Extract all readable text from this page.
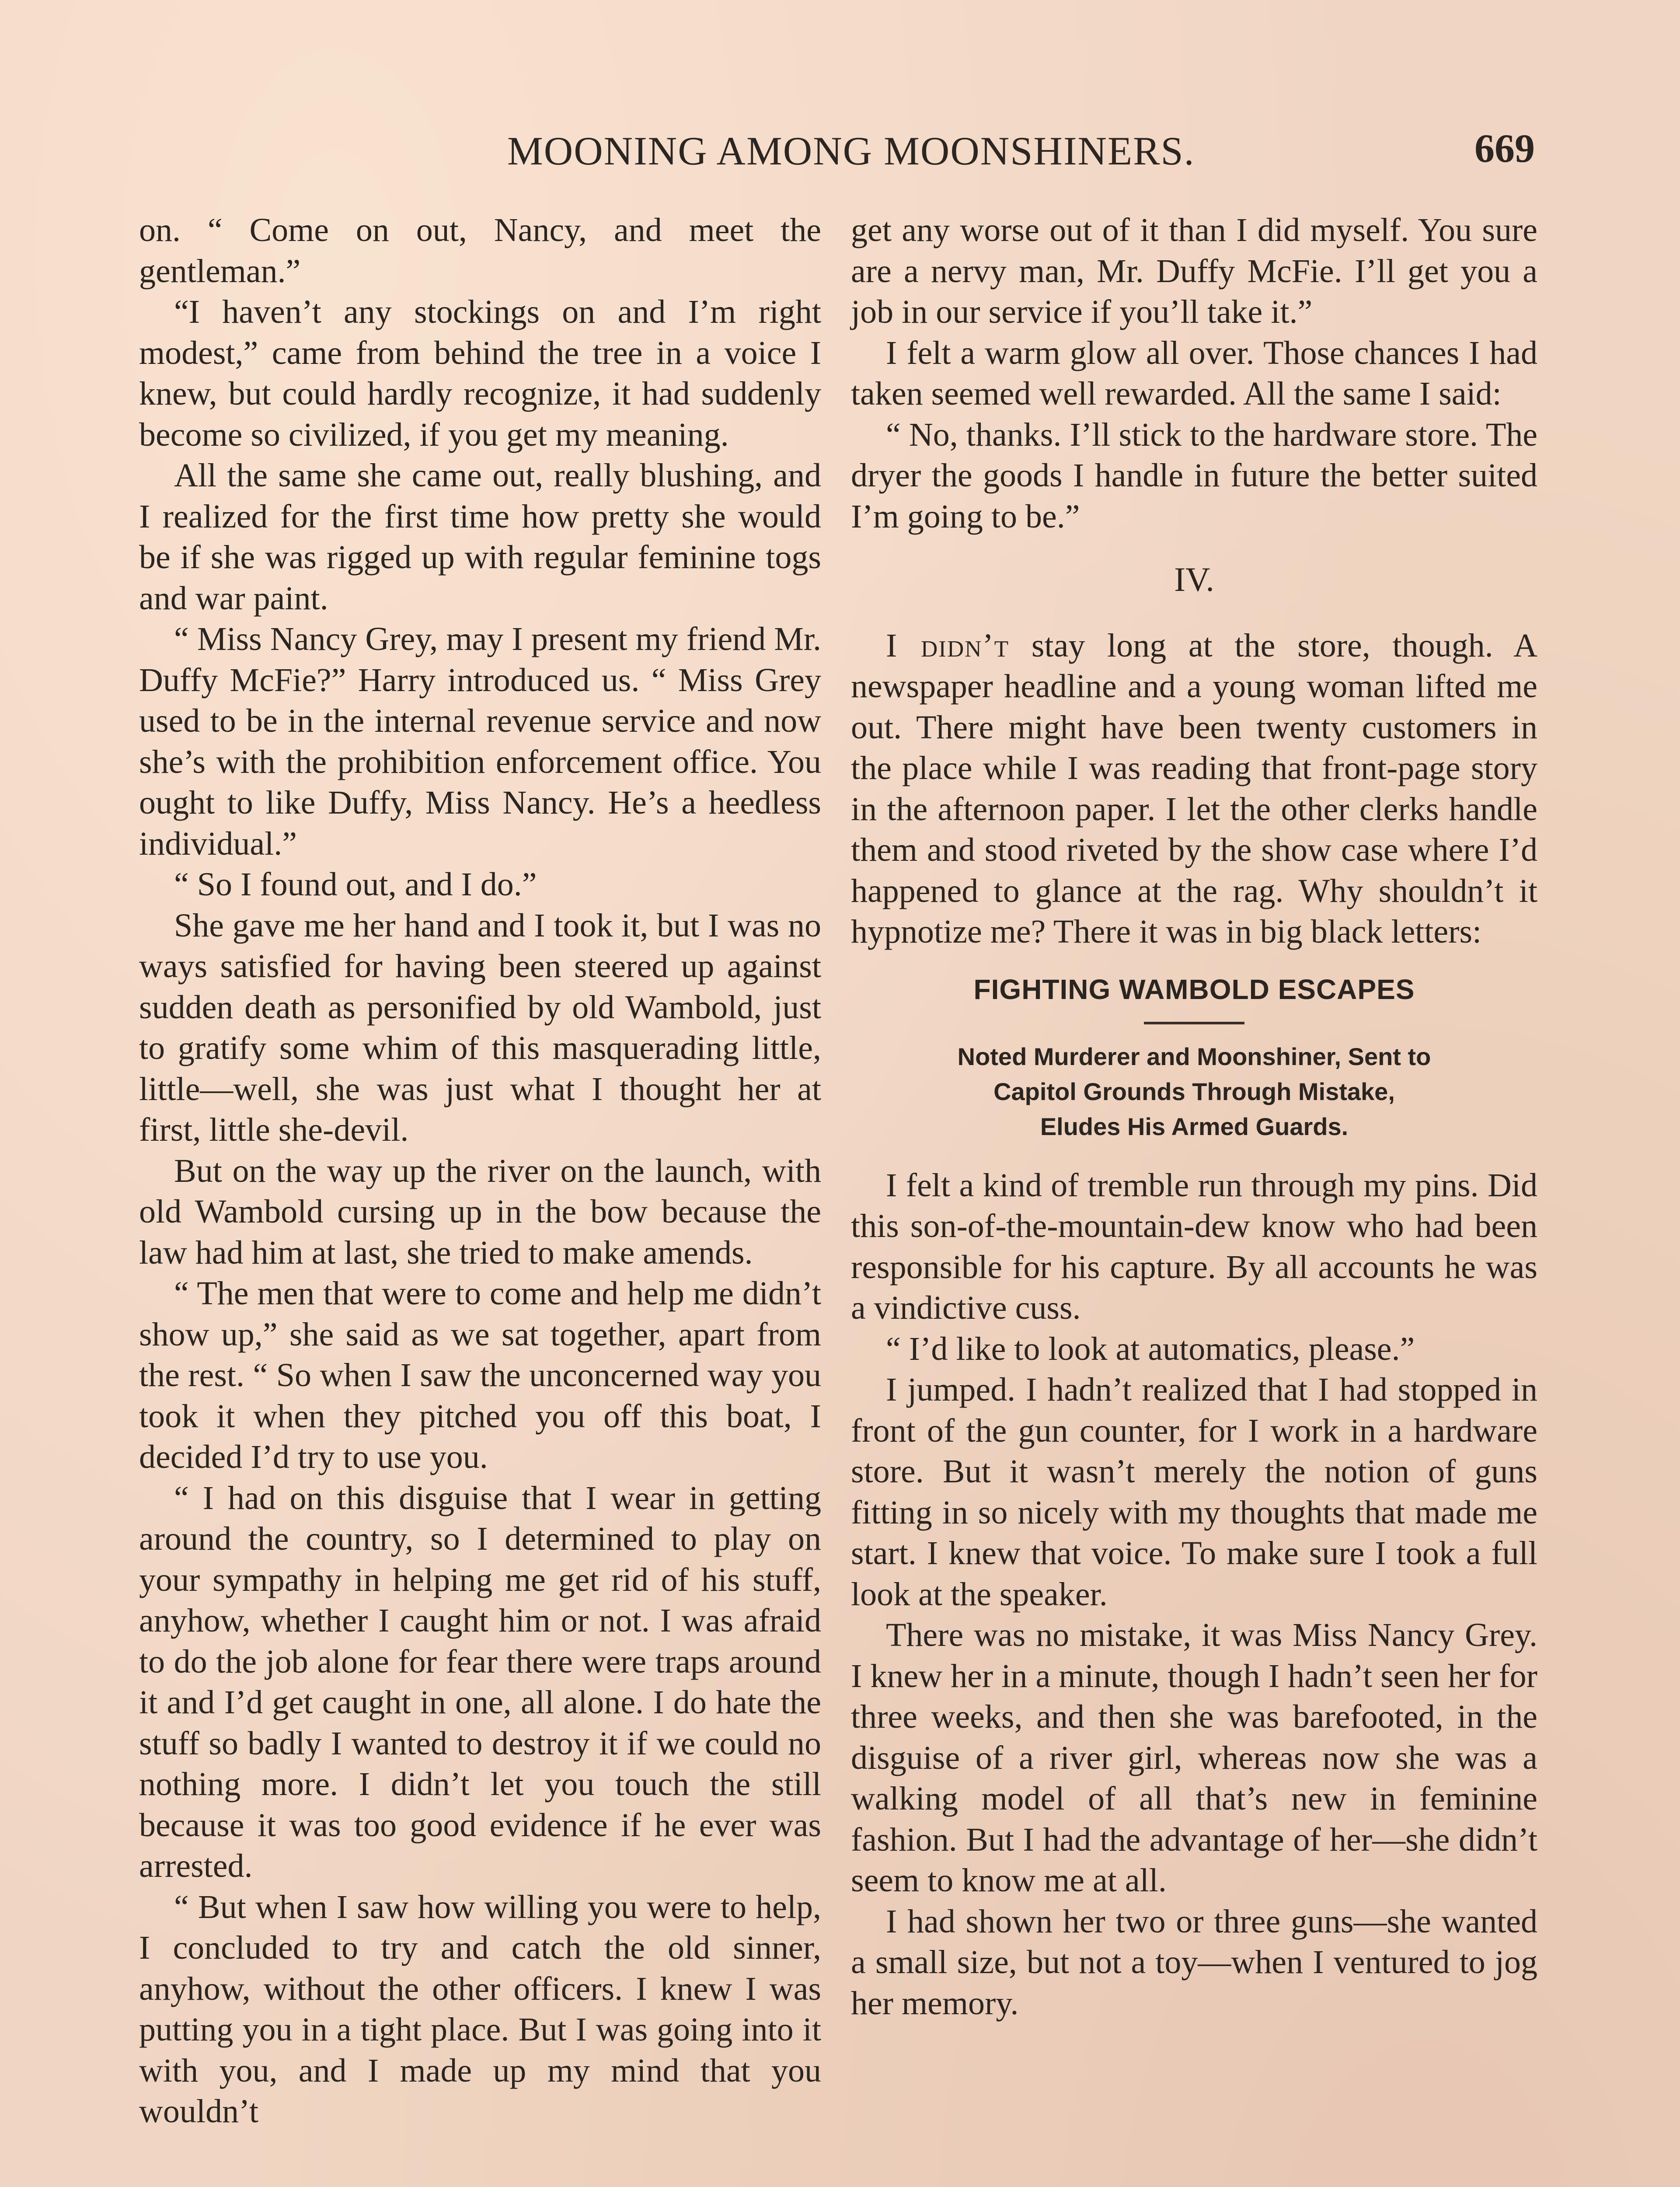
MOONING AMONG MOONSHINERS.	669

on. “ Come on out, Nancy, and meet the gentleman.”

“I haven’t any stockings on and I’m right modest,” came from behind the tree in a voice I knew, but could hardly recognize, it had suddenly become so civilized, if you get my meaning.

All the same she came out, really blushing, and I realized for the first time how pretty she would be if she was rigged up with regular feminine togs and war paint.

“ Miss Nancy Grey, may I present my friend Mr. Duffy McFie?” Harry introduced us. “ Miss Grey used to be in the internal revenue service and now she’s with the prohibition enforcement office. You ought to like Duffy, Miss Nancy. He’s a heedless individual.”

“ So I found out, and I do.”

She gave me her hand and I took it, but I was no ways satisfied for having been steered up against sudden death as personified by old Wambold, just to gratify some whim of this masquerading little, little—well, she was just what I thought her at first, little she-devil.

But on the way up the river on the launch, with old Wambold cursing up in the bow because the law had him at last, she tried to make amends.

“ The men that were to come and help me didn’t show up,” she said as we sat together, apart from the rest. “ So when I saw the unconcerned way you took it when they pitched you off this boat, I decided I’d try to use you.

“ I had on this disguise that I wear in getting around the country, so I determined to play on your sympathy in helping me get rid of his stuff, anyhow, whether I caught him or not. I was afraid to do the job alone for fear there were traps around it and I’d get caught in one, all alone. I do hate the stuff so badly I wanted to destroy it if we could no nothing more. I didn’t let you touch the still because it was too good evidence if he ever was arrested.

“ But when I saw how willing you were to help, I concluded to try and catch the old sinner, anyhow, without the other officers. I knew I was putting you in a tight place. But I was going into it with you, and I made up my mind that you wouldn’t

get any worse out of it than I did myself. You sure are a nervy man, Mr. Duffy McFie. I’ll get you a job in our service if you’ll take it.”

I felt a warm glow all over. Those chances I had taken seemed well rewarded. All the same I said:

“ No, thanks. I’ll stick to the hardware store. The dryer the goods I handle in future the better suited I’m going to be.”

IV.

I didn’t stay long at the store, though. A newspaper headline and a young woman lifted me out. There might have been twenty customers in the place while I was reading that front-page story in the afternoon paper. I let the other clerks handle them and stood riveted by the show case where I’d happened to glance at the rag. Why shouldn’t it hypnotize me? There it was in big black letters:

FIGHTING WAMBOLD ESCAPES
Noted Murderer and Moonshiner, Sent to
Capitol Grounds Through Mistake,
Eludes His Armed Guards.

I felt a kind of tremble run through my pins. Did this son-of-the-mountain-dew know who had been responsible for his capture. By all accounts he was a vindictive cuss.

“ I’d like to look at automatics, please.”

I jumped. I hadn’t realized that I had stopped in front of the gun counter, for I work in a hardware store. But it wasn’t merely the notion of guns fitting in so nicely with my thoughts that made me start. I knew that voice. To make sure I took a full look at the speaker.

There was no mistake, it was Miss Nancy Grey. I knew her in a minute, though I hadn’t seen her for three weeks, and then she was barefooted, in the disguise of a river girl, whereas now she was a walking model of all that’s new in feminine fashion. But I had the advantage of her—she didn’t seem to know me at all.

I had shown her two or three guns—she wanted a small size, but not a toy—when I ventured to jog her memory.
